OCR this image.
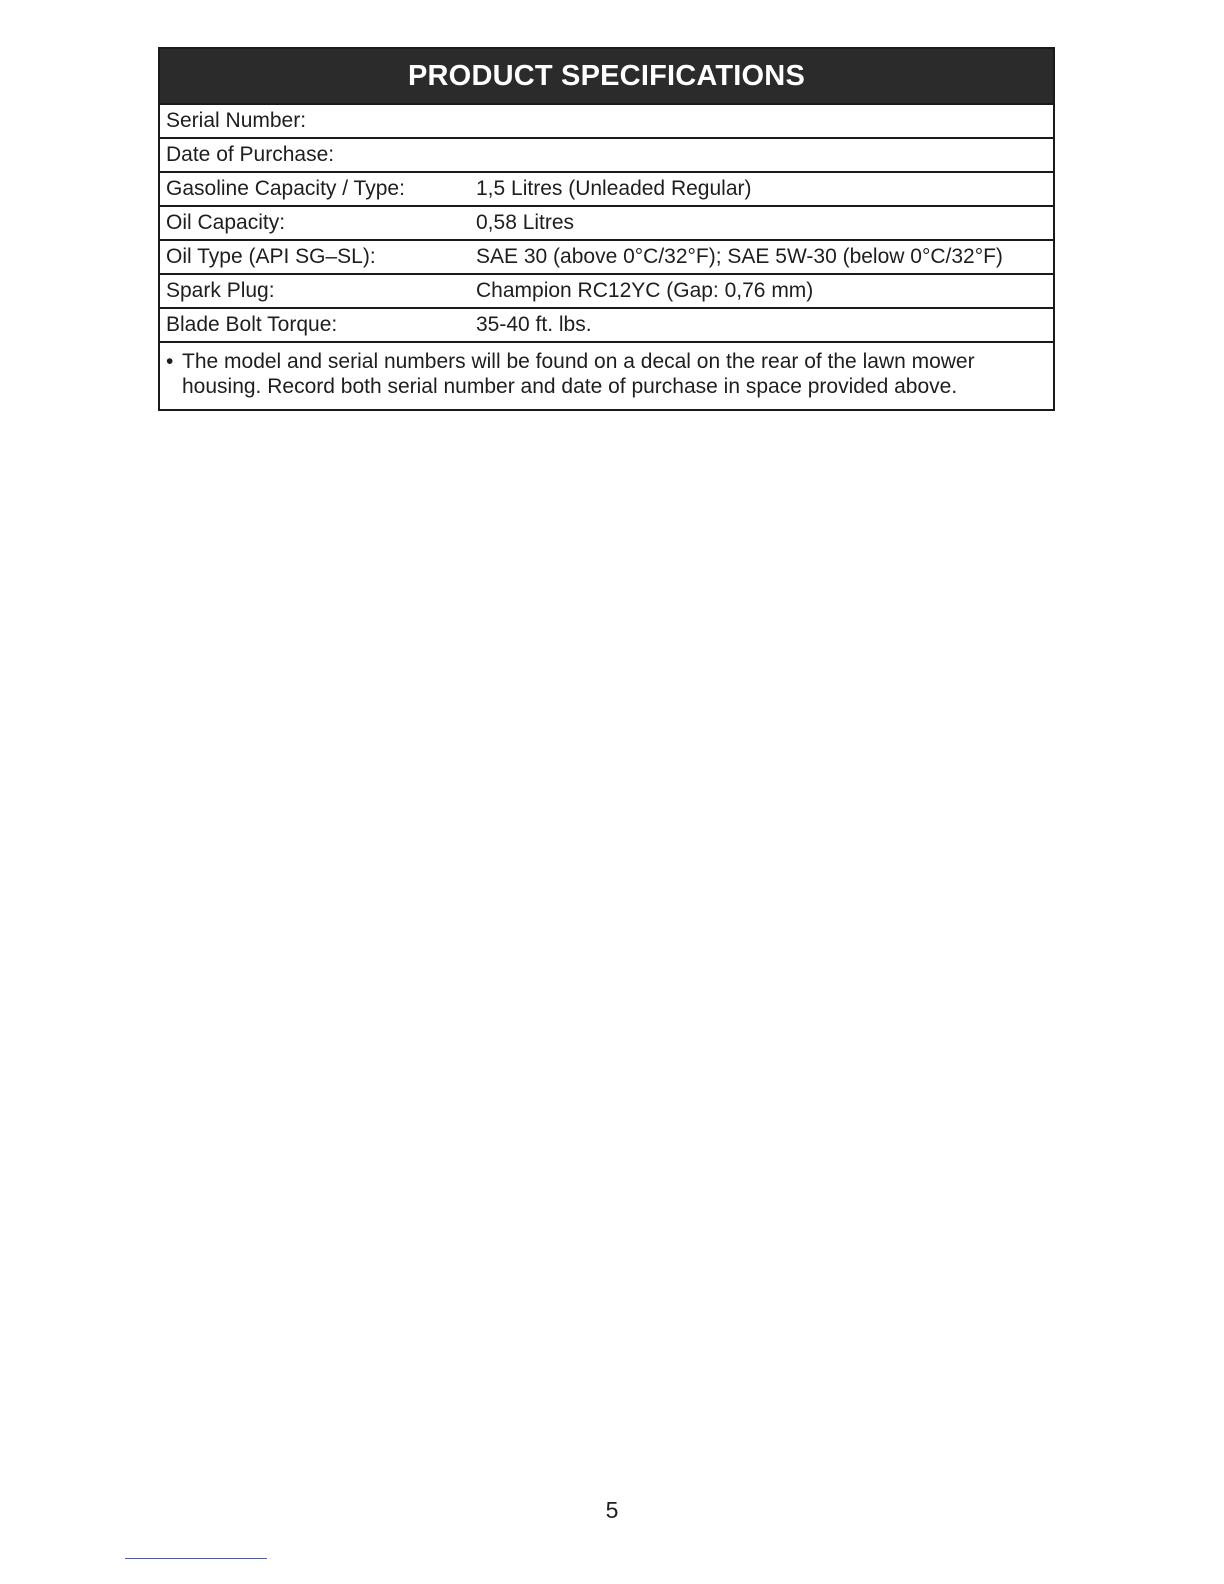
PRODUCT SPECIFICATIONS
Serial Number:
Date of Purchase:
Gasoline Capacity / Type:	1,5 Litres (Unleaded Regular)
Oil Capacity:	0,58 Litres
Oil Type (API SG–SL):	SAE 30 (above 0°C/32°F); SAE 5W-30 (below 0°C/32°F)
Spark Plug:	Champion RC12YC (Gap: 0,76 mm)
Blade Bolt Torque:	35-40 ft. lbs.
• The model and serial numbers will be found on a decal on the rear of the lawn mower housing. Record both serial number and date of purchase in space provided above.
5
